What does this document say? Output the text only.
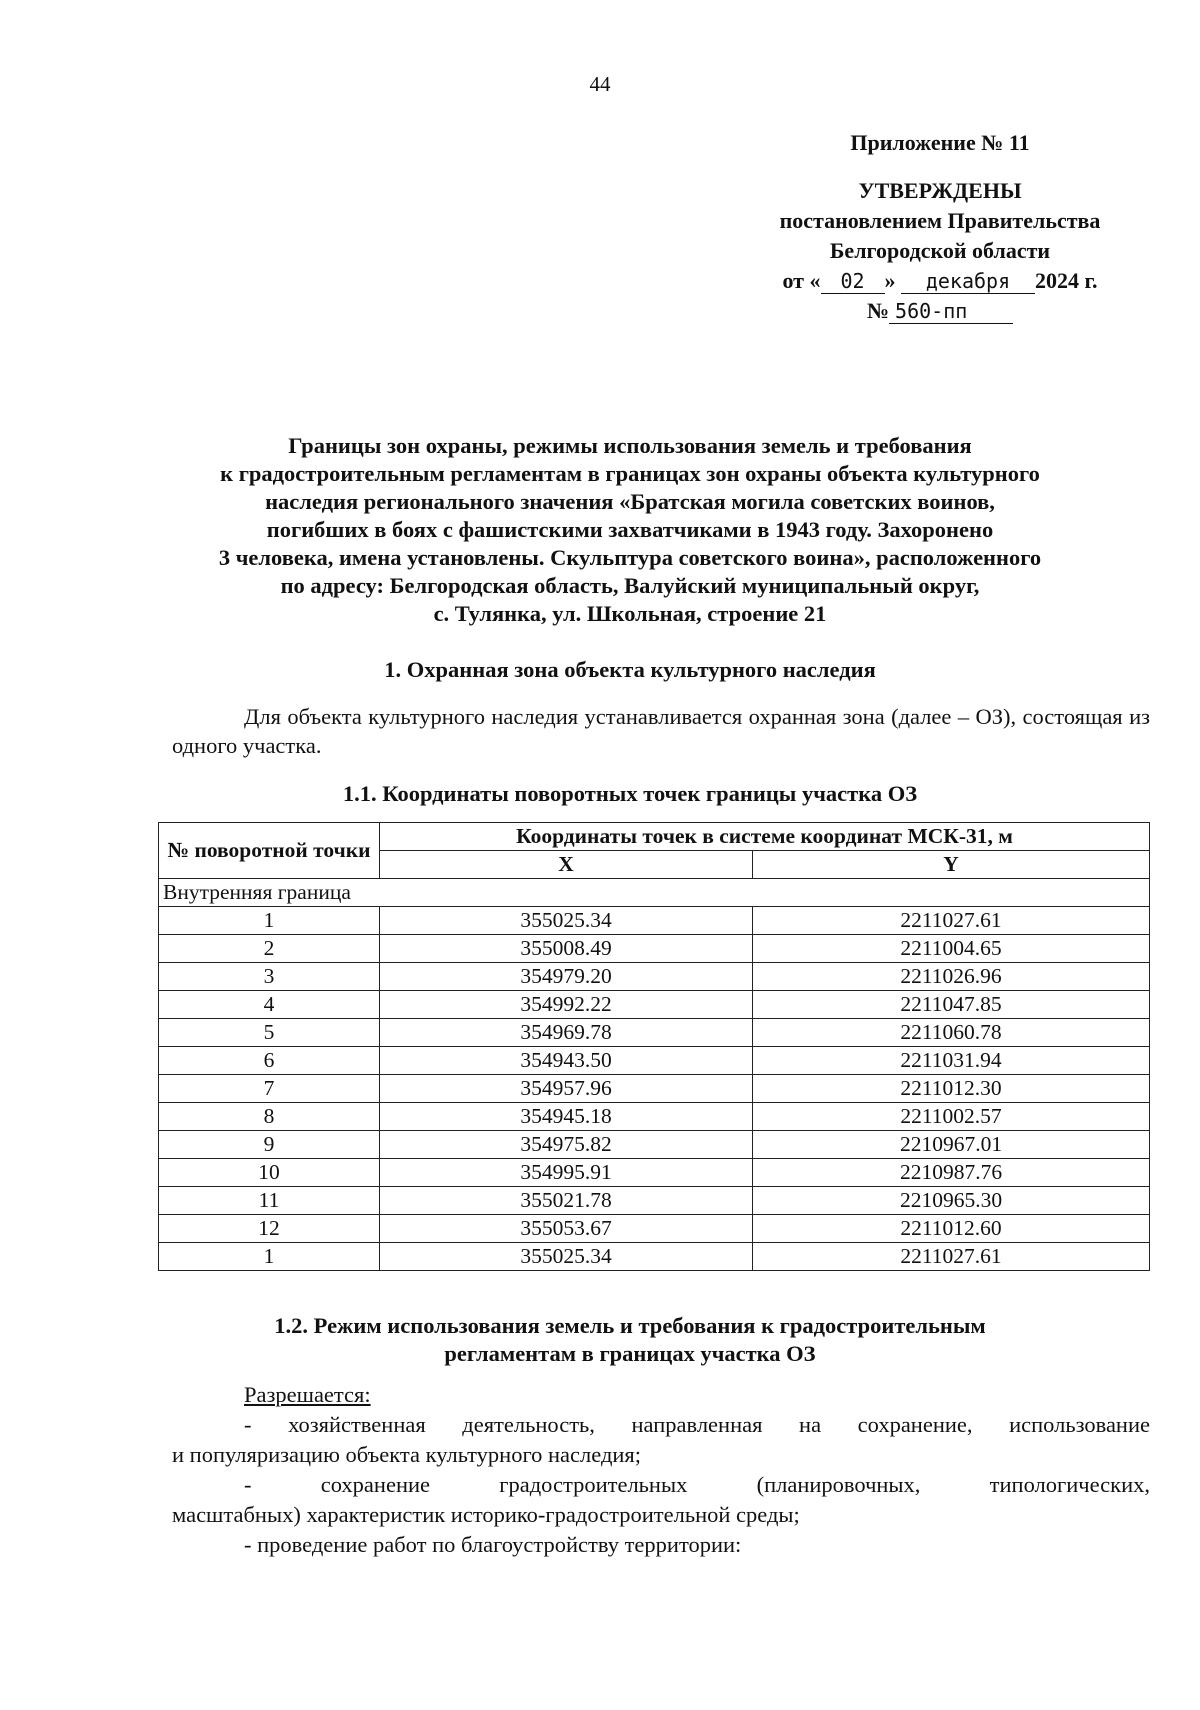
44
Приложение № 11
УТВЕРЖДЕНЫ
постановлением Правительства
Белгородской области
от « 02 » декабря 2024 г.
№ 560-пп
Границы зон охраны, режимы использования земель и требования
к градостроительным регламентам в границах зон охраны объекта культурного
наследия регионального значения «Братская могила советских воинов,
погибших в боях с фашистскими захватчиками в 1943 году. Захоронено
3 человека, имена установлены. Скульптура советского воина», расположенного
по адресу: Белгородская область, Валуйский муниципальный округ,
с. Тулянка, ул. Школьная, строение 21
1. Охранная зона объекта культурного наследия
Для объекта культурного наследия устанавливается охранная зона (далее – ОЗ), состоящая из одного участка.
1.1. Координаты поворотных точек границы участка ОЗ
№ поворотной точки	Координаты точек в системе координат МСК-31, м	
	X	Y
Внутренняя граница		
1	355025.34	2211027.61
2	355008.49	2211004.65
3	354979.20	2211026.96
4	354992.22	2211047.85
5	354969.78	2211060.78
6	354943.50	2211031.94
7	354957.96	2211012.30
8	354945.18	2211002.57
9	354975.82	2210967.01
10	354995.91	2210987.76
11	355021.78	2210965.30
12	355053.67	2211012.60
1	355025.34	2211027.61
1.2. Режим использования земель и требования к градостроительным
регламентам в границах участка ОЗ
Разрешается:
- хозяйственная деятельность, направленная на сохранение, использование
и популяризацию объекта культурного наследия;
- сохранение градостроительных (планировочных, типологических,
масштабных) характеристик историко-градостроительной среды;
- проведение работ по благоустройству территории:
